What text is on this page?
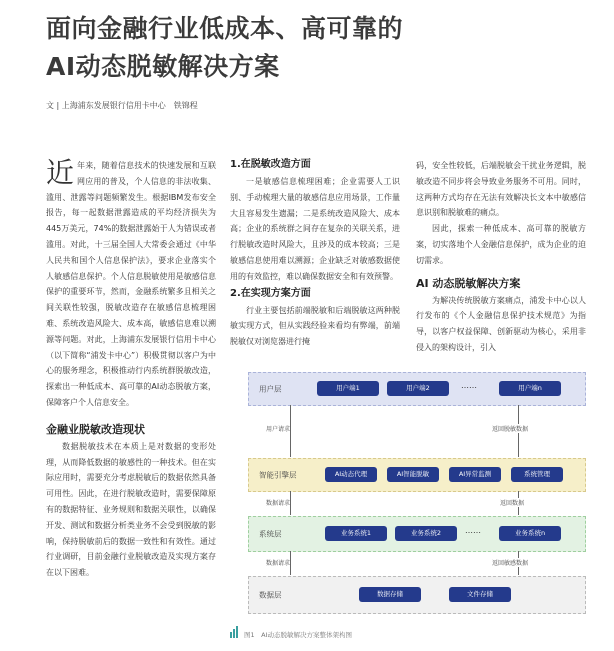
面向金融行业低成本、高可靠的
AI动态脱敏解决方案
文 | 上海浦东发展银行信用卡中心　铁锦程

近年来，随着信息技术的快速发展和互联网应用的普及，个人信息的非法收集、滥用、泄露等问题频繁发生。根据IBM发布安全报告，每一起数据泄露造成的平均经济损失为445万美元，74%的数据泄露始于人为错误或者滥用。对此，十三届全国人大常委会通过《中华人民共和国个人信息保护法》，要求企业落实个人敏感信息保护。个人信息脱敏使用是敏感信息保护的重要环节，然而，金融系统繁多且相关之间关联性较强，脱敏改造存在敏感信息梳理困难、系统改造风险大、成本高，敏感信息难以溯源等问题。对此，上海浦东发展银行信用卡中心（以下简称“浦发卡中心”）积极贯彻以客户为中心的服务理念，积极推动行内系统群脱敏改造，探索出一种低成本、高可靠的AI动态脱敏方案，保障客户个人信息安全。

金融业脱敏改造现状

数据脱敏技术在本质上是对数据的变形处理，从而降低数据的敏感性的一种技术。但在实际应用时，需要充分考虑脱敏后的数据依然具备可用性。因此，在进行脱敏改造时，需要保障原有的数据特征、业务规则和数据关联性，以确保开发、测试和数据分析类业务不会受到脱敏的影响，保持脱敏前后的数据一致性和有效性。通过行业调研，目前金融行业脱敏改造及实现方案存在以下困难。

1.在脱敏改造方面

一是敏感信息梳理困难；企业需要人工识别、手动梳理大量的敏感信息应用场景，工作量大且容易发生遗漏；二是系统改造风险大、成本高；企业的系统群之间存在复杂的关联关系，进行脱敏改造时风险大，且涉及的成本较高；三是敏感信息使用难以溯源；企业缺乏对敏感数据使用的有效监控，难以确保数据安全和有效预警。

2.在实现方案方面

行业主要包括前端脱敏和后端脱敏这两种脱敏实现方式，但从实践经验来看均有弊端，前端脱敏仅对浏览器进行掩

码，安全性较低，后端脱敏会干扰业务逻辑，脱敏改造不同步将会导致业务服务不可用。同时，这两种方式均存在无法有效解决长文本中敏感信息识别和脱敏难的痛点。

因此，探索一种低成本、高可靠的脱敏方案，切实落地个人金融信息保护，成为企业的迫切需求。

AI 动态脱敏解决方案

为解决传统脱敏方案痛点，浦发卡中心以人行发布的《个人金融信息保护技术规范》为指导，以客户权益保障、创新驱动为核心，采用非侵入的架构设计，引入

用户层	用户端1	用户端2	……	用户端n
用户请求	返回脱敏数据
智能引擎层	AI动态代理	AI智能脱敏	AI异常监测	系统管理
数据请求	返回数据
系统层	业务系统1	业务系统2	……	业务系统n
数据请求	返回敏感数据
数据层	数据存储	文件存储
图1　AI动态脱敏解决方案整体架构图
